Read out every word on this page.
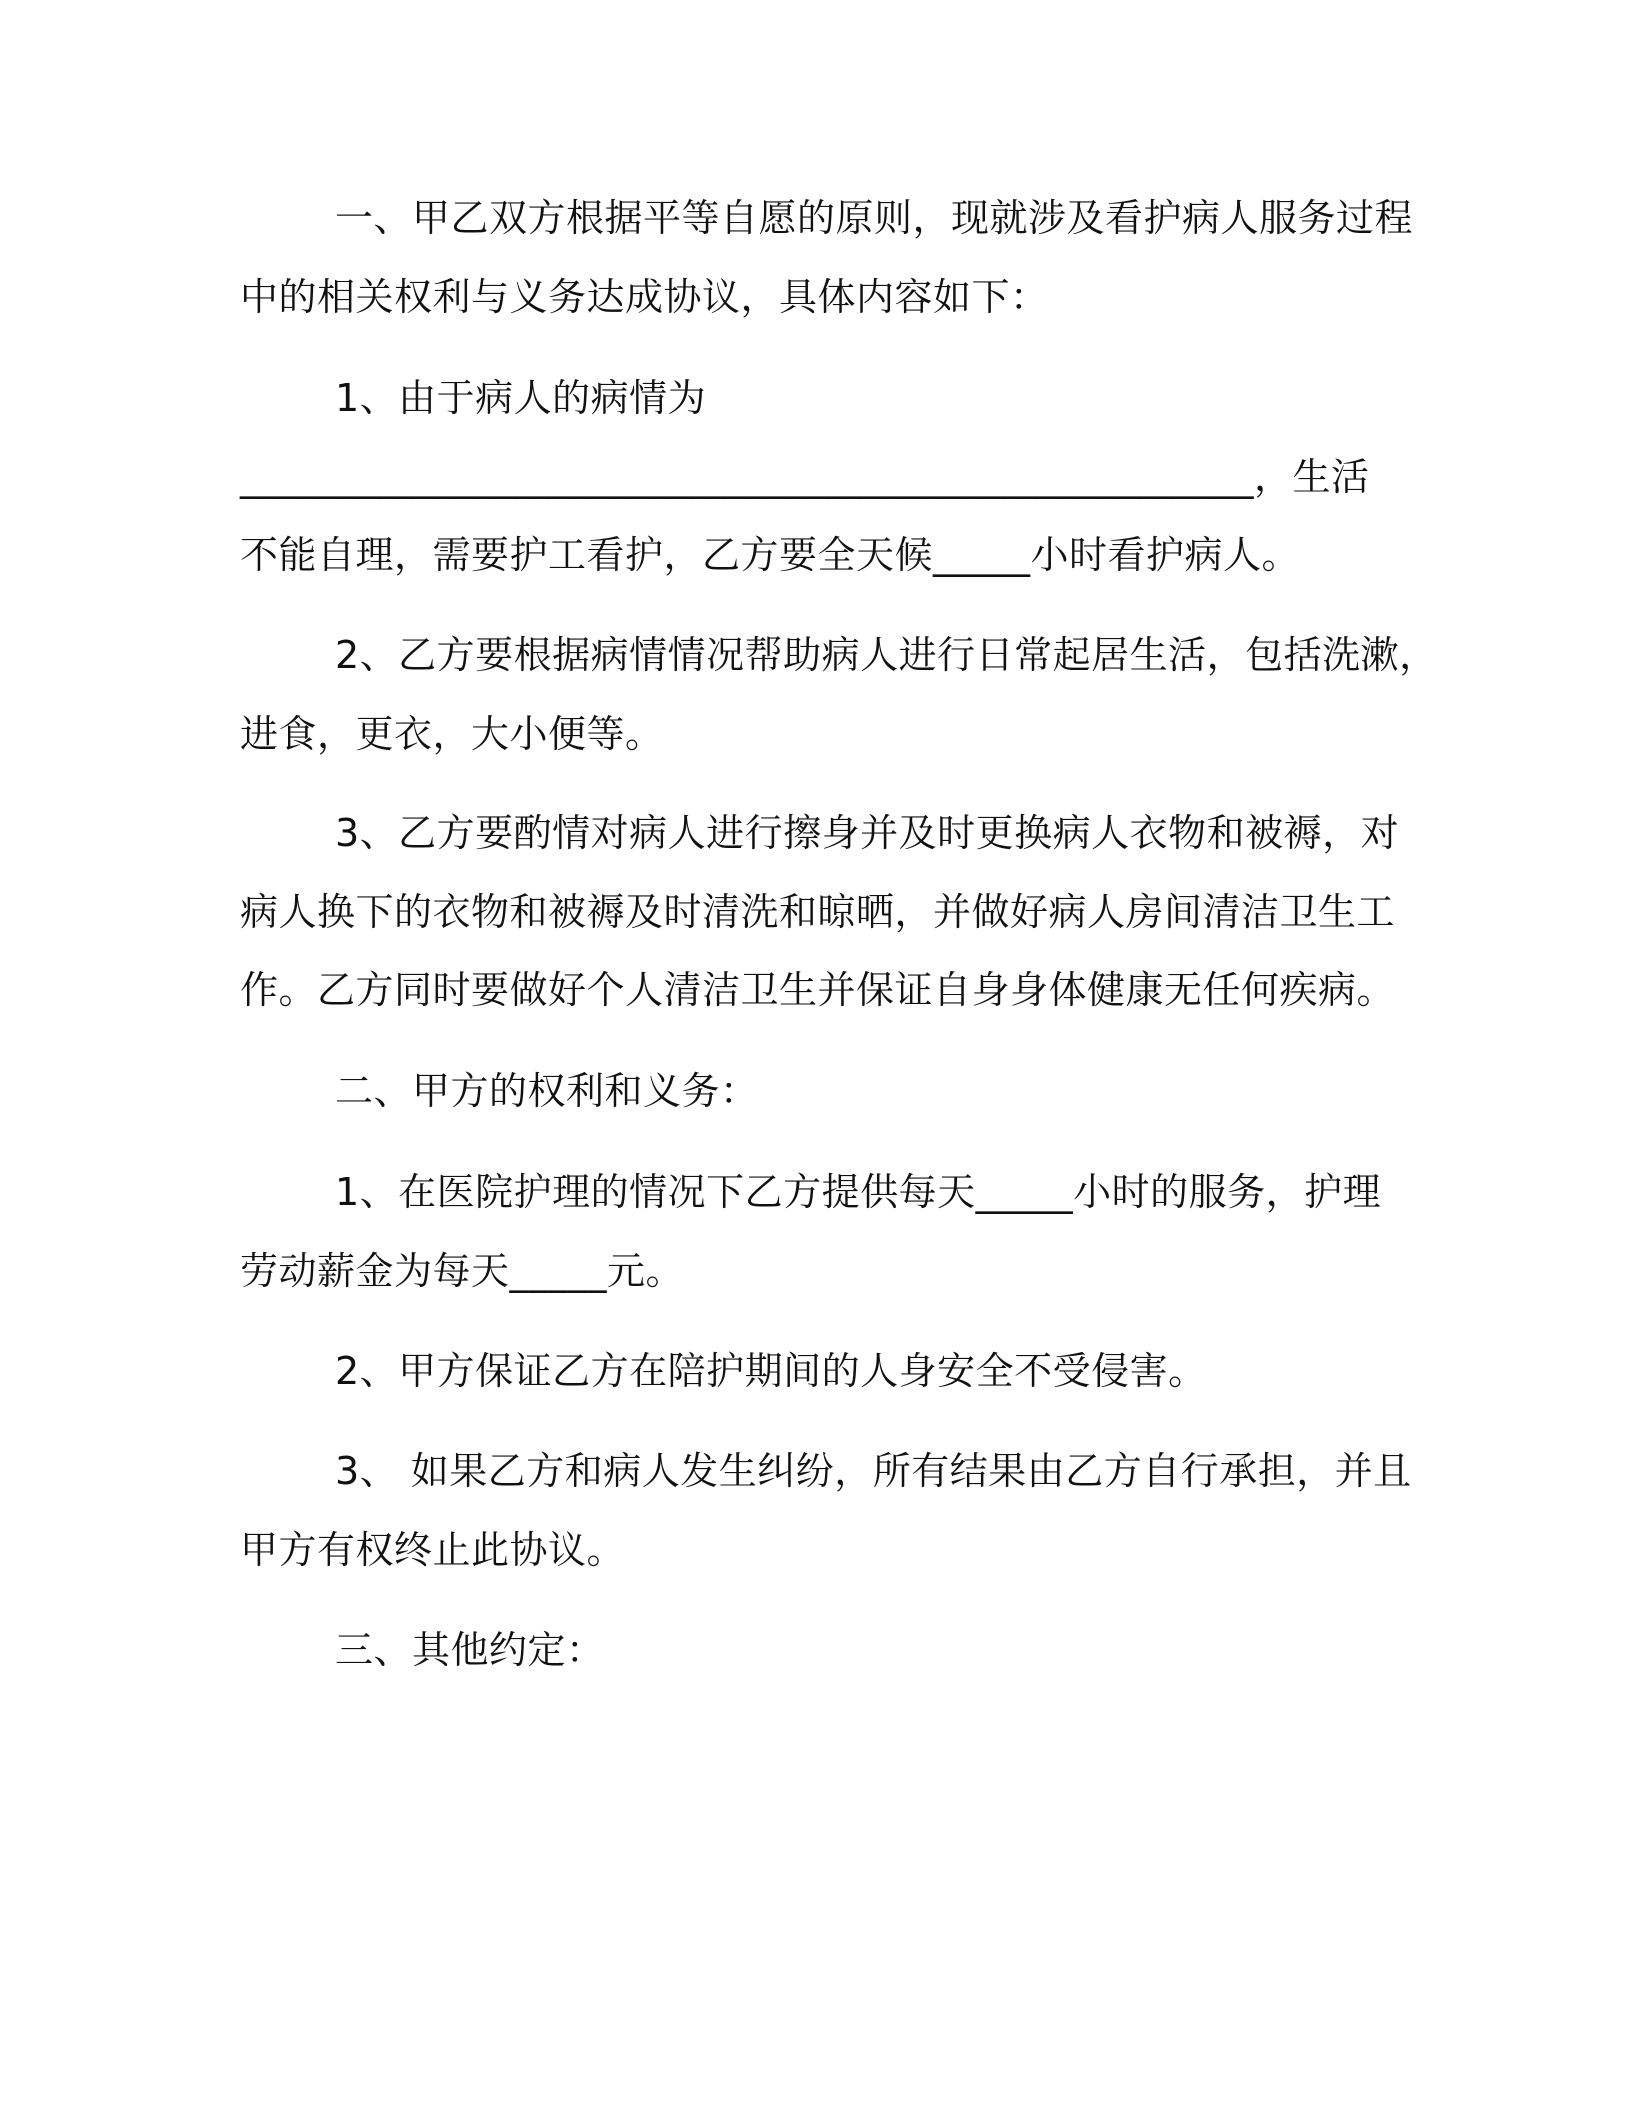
一、甲乙双方根据平等自愿的原则，现就涉及看护病人服务过程
中的相关权利与义务达成协议，具体内容如下：
1、由于病人的病情为
____________________________________________________，生活
不能自理，需要护工看护，乙方要全天候_____小时看护病人。
2、乙方要根据病情情况帮助病人进行日常起居生活，包括洗漱，
进食，更衣，大小便等。
3、乙方要酌情对病人进行擦身并及时更换病人衣物和被褥，对
病人换下的衣物和被褥及时清洗和晾晒，并做好病人房间清洁卫生工
作。乙方同时要做好个人清洁卫生并保证自身身体健康无任何疾病。
二、甲方的权利和义务：
1、在医院护理的情况下乙方提供每天_____小时的服务，护理
劳动薪金为每天_____元。
2、甲方保证乙方在陪护期间的人身安全不受侵害。
3、 如果乙方和病人发生纠纷，所有结果由乙方自行承担，并且
甲方有权终止此协议。
三、其他约定：
